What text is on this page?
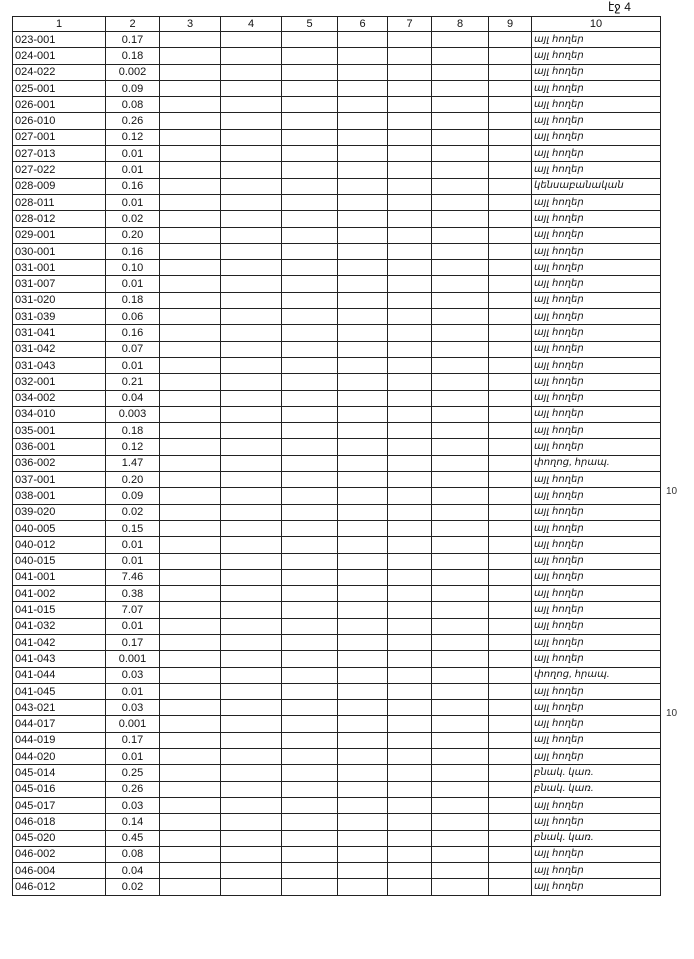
էջ 4
1	2	3	4	5	6	7	8	9	10
023-001	0.17								այլ հողեր
024-001	0.18								այլ հողեր
024-022	0.002								այլ հողեր
025-001	0.09								այլ հողեր
026-001	0.08								այլ հողեր
026-010	0.26								այլ հողեր
027-001	0.12								այլ հողեր
027-013	0.01								այլ հողեր
027-022	0.01								այլ հողեր
028-009	0.16								կենսաբանական
028-011	0.01								այլ հողեր
028-012	0.02								այլ հողեր
029-001	0.20								այլ հողեր
030-001	0.16								այլ հողեր
031-001	0.10								այլ հողեր
031-007	0.01								այլ հողեր
031-020	0.18								այլ հողեր
031-039	0.06								այլ հողեր
031-041	0.16								այլ հողեր
031-042	0.07								այլ հողեր
031-043	0.01								այլ հողեր
032-001	0.21								այլ հողեր
034-002	0.04								այլ հողեր
034-010	0.003								այլ հողեր
035-001	0.18								այլ հողեր
036-001	0.12								այլ հողեր
036-002	1.47								փողոց, հրապ.
037-001	0.20								այլ հողեր
038-001	0.09								այլ հողեր
039-020	0.02								այլ հողեր
040-005	0.15								այլ հողեր
040-012	0.01								այլ հողեր
040-015	0.01								այլ հողեր
041-001	7.46								այլ հողեր
041-002	0.38								այլ հողեր
041-015	7.07								այլ հողեր
041-032	0.01								այլ հողեր
041-042	0.17								այլ հողեր
041-043	0.001								այլ հողեր
041-044	0.03								փողոց, հրապ.
041-045	0.01								այլ հողեր
043-021	0.03								այլ հողեր
044-017	0.001								այլ հողեր
044-019	0.17								այլ հողեր
044-020	0.01								այլ հողեր
045-014	0.25								բնակ. կառ.
045-016	0.26								բնակ. կառ.
045-017	0.03								այլ հողեր
046-018	0.14								այլ հողեր
045-020	0.45								բնակ. կառ.
046-002	0.08								այլ հողեր
046-004	0.04								այլ հողեր
046-012	0.02								այլ հողեր
10
10
